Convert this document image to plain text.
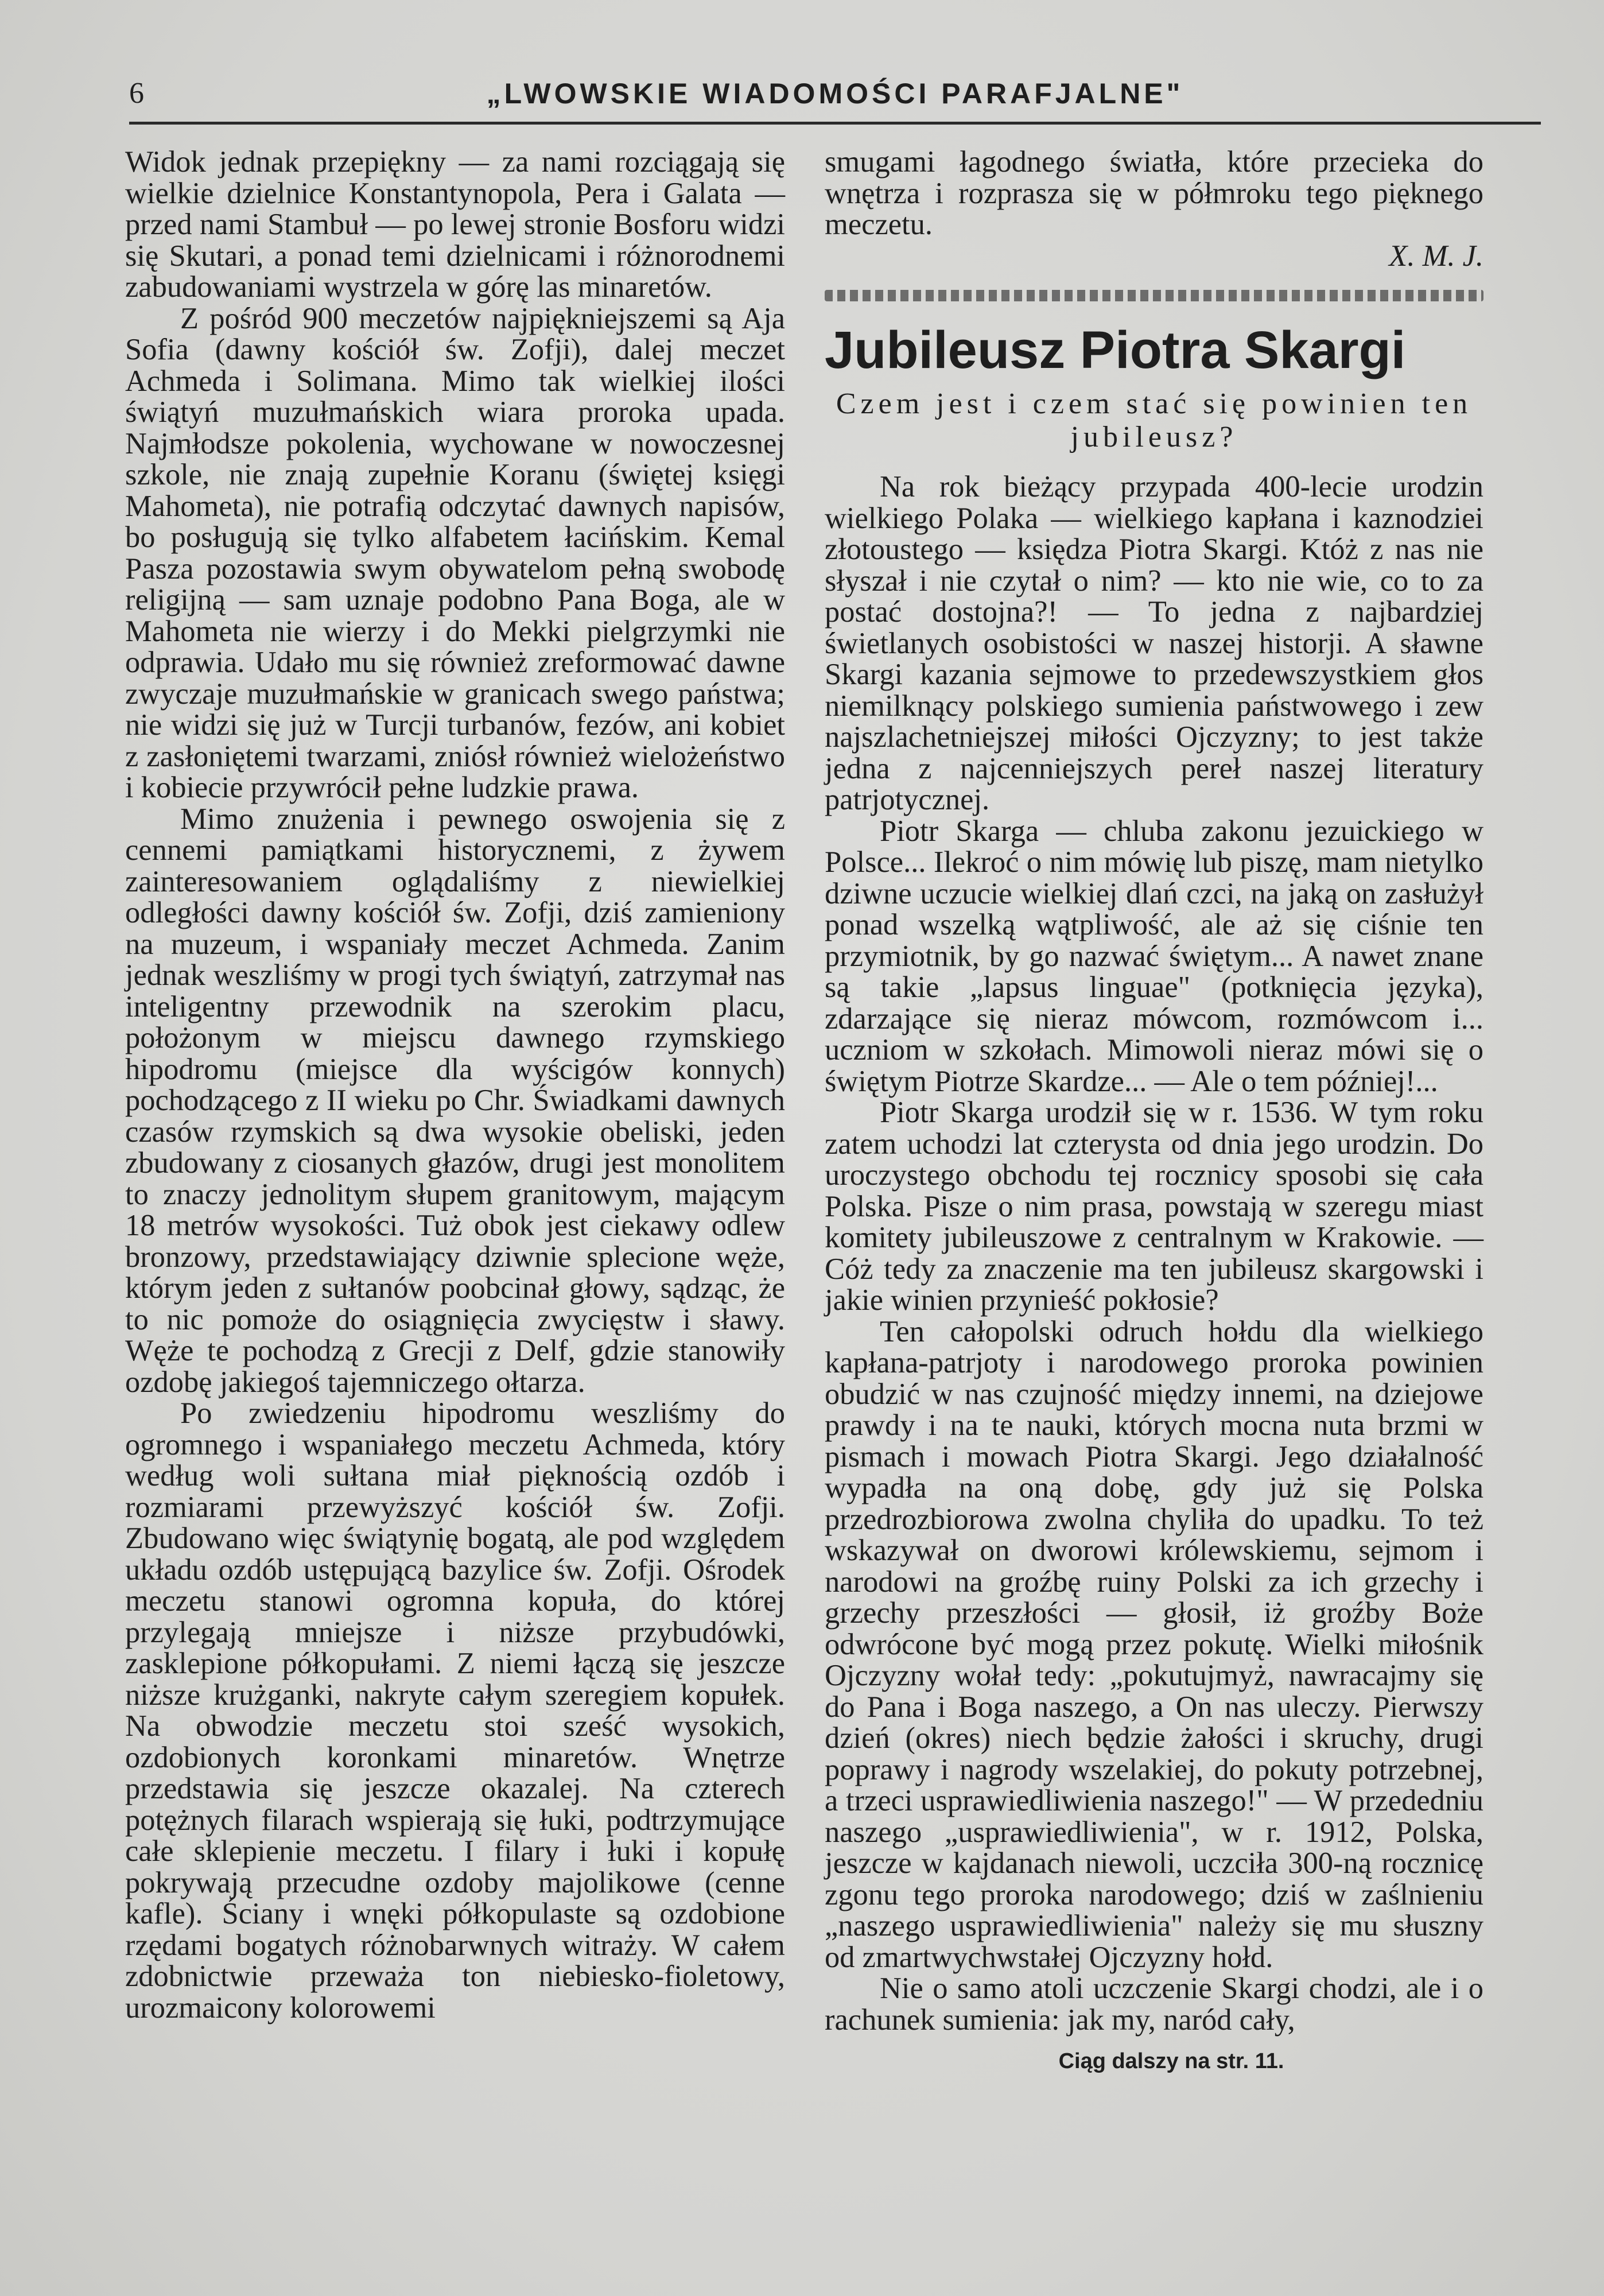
6	„LWOWSKIE WIADOMOŚCI PARAFJALNE"

Widok jednak przepiękny — za nami rozciągają się wielkie dzielnice Konstantynopola, Pera i Galata — przed nami Stambuł — po lewej stronie Bosforu widzi się Skutari, a ponad temi dzielnicami i różnorodnemi zabudowaniami wystrzela w górę las minaretów.

Z pośród 900 meczetów najpiękniejszemi są Aja Sofia (dawny kościół św. Zofji), dalej meczet Achmeda i Solimana. Mimo tak wielkiej ilości świątyń muzułmańskich wiara proroka upada. Najmłodsze pokolenia, wychowane w nowoczesnej szkole, nie znają zupełnie Koranu (świętej księgi Mahometa), nie potrafią odczytać dawnych napisów, bo posługują się tylko alfabetem łacińskim. Kemal Pasza pozostawia swym obywatelom pełną swobodę religijną — sam uznaje podobno Pana Boga, ale w Mahometa nie wierzy i do Mekki pielgrzymki nie odprawia. Udało mu się również zreformować dawne zwyczaje muzułmańskie w granicach swego państwa; nie widzi się już w Turcji turbanów, fezów, ani kobiet z zasłoniętemi twarzami, zniósł również wielożeństwo i kobiecie przywrócił pełne ludzkie prawa.

Mimo znużenia i pewnego oswojenia się z cennemi pamiątkami historycznemi, z żywem zainteresowaniem oglądaliśmy z niewielkiej odległości dawny kościół św. Zofji, dziś zamieniony na muzeum, i wspaniały meczet Achmeda. Zanim jednak weszliśmy w progi tych świątyń, zatrzymał nas inteligentny przewodnik na szerokim placu, położonym w miejscu dawnego rzymskiego hipodromu (miejsce dla wyścigów konnych) pochodzącego z II wieku po Chr. Świadkami dawnych czasów rzymskich są dwa wysokie obeliski, jeden zbudowany z ciosanych głazów, drugi jest monolitem to znaczy jednolitym słupem granitowym, mającym 18 metrów wysokości. Tuż obok jest ciekawy odlew bronzowy, przedstawiający dziwnie splecione węże, którym jeden z sułtanów poobcinał głowy, sądząc, że to nic pomoże do osiągnięcia zwycięstw i sławy. Węże te pochodzą z Grecji z Delf, gdzie stanowiły ozdobę jakiegoś tajemniczego ołtarza.

Po zwiedzeniu hipodromu weszliśmy do ogromnego i wspaniałego meczetu Achmeda, który według woli sułtana miał pięknością ozdób i rozmiarami przewyższyć kościół św. Zofji. Zbudowano więc świątynię bogatą, ale pod względem układu ozdób ustępującą bazylice św. Zofji. Ośrodek meczetu stanowi ogromna kopuła, do której przylegają mniejsze i niższe przybudówki, zasklepione półkopułami. Z niemi łączą się jeszcze niższe krużganki, nakryte całym szeregiem kopułek. Na obwodzie meczetu stoi sześć wysokich, ozdobionych koronkami minaretów. Wnętrze przedstawia się jeszcze okazalej. Na czterech potężnych filarach wspierają się łuki, podtrzymujące całe sklepienie meczetu. I filary i łuki i kopułę pokrywają przecudne ozdoby majolikowe (cenne kafle). Ściany i wnęki półkopulaste są ozdobione rzędami bogatych różnobarwnych witraży. W całem zdobnictwie przeważa ton niebiesko-fioletowy, urozmaicony kolorowemi

smugami łagodnego światła, które przecieka do wnętrza i rozprasza się w półmroku tego pięknego meczetu.

X. M. J.
Jubileusz Piotra Skargi
Czem jest i czem stać się powinien ten jubileusz?

Na rok bieżący przypada 400-lecie urodzin wielkiego Polaka — wielkiego kapłana i kaznodziei złotoustego — księdza Piotra Skargi. Któż z nas nie słyszał i nie czytał o nim? — kto nie wie, co to za postać dostojna?! — To jedna z najbardziej świetlanych osobistości w naszej historji. A sławne Skargi kazania sejmowe to przedewszystkiem głos niemilknący polskiego sumienia państwowego i zew najszlachetniejszej miłości Ojczyzny; to jest także jedna z najcenniejszych pereł naszej literatury patrjotycznej.

Piotr Skarga — chluba zakonu jezuickiego w Polsce... Ilekroć o nim mówię lub piszę, mam nietylko dziwne uczucie wielkiej dlań czci, na jaką on zasłużył ponad wszelką wątpliwość, ale aż się ciśnie ten przymiotnik, by go nazwać świętym... A nawet znane są takie „lapsus linguae" (potknięcia języka), zdarzające się nieraz mówcom, rozmówcom i... uczniom w szkołach. Mimowoli nieraz mówi się o świętym Piotrze Skardze... — Ale o tem później!...

Piotr Skarga urodził się w r. 1536. W tym roku zatem uchodzi lat czterysta od dnia jego urodzin. Do uroczystego obchodu tej rocznicy sposobi się cała Polska. Pisze o nim prasa, powstają w szeregu miast komitety jubileuszowe z centralnym w Krakowie. — Cóż tedy za znaczenie ma ten jubileusz skargowski i jakie winien przynieść pokłosie?

Ten całopolski odruch hołdu dla wielkiego kapłana-patrjoty i narodowego proroka powinien obudzić w nas czujność między innemi, na dziejowe prawdy i na te nauki, których mocna nuta brzmi w pismach i mowach Piotra Skargi. Jego działalność wypadła na oną dobę, gdy już się Polska przedrozbiorowa zwolna chyliła do upadku. To też wskazywał on dworowi królewskiemu, sejmom i narodowi na groźbę ruiny Polski za ich grzechy i grzechy przeszłości — głosił, iż groźby Boże odwrócone być mogą przez pokutę. Wielki miłośnik Ojczyzny wołał tedy: „pokutujmyż, nawracajmy się do Pana i Boga naszego, a On nas uleczy. Pierwszy dzień (okres) niech będzie żałości i skruchy, drugi poprawy i nagrody wszelakiej, do pokuty potrzebnej, a trzeci usprawiedliwienia naszego!" — W przededniu naszego „usprawiedliwienia", w r. 1912, Polska, jeszcze w kajdanach niewoli, uczciła 300-ną rocznicę zgonu tego proroka narodowego; dziś w zaślnieniu „naszego usprawiedliwienia" należy się mu słuszny od zmartwychwstałej Ojczyzny hołd.

Nie o samo atoli uczczenie Skargi chodzi, ale i o rachunek sumienia: jak my, naród cały,

Ciąg dalszy na str. 11.
